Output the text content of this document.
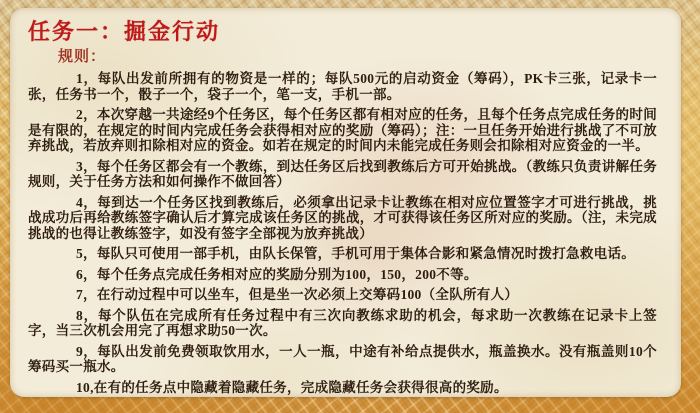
任务一：掘金行动
规则：

1，每队出发前所拥有的物资是一样的；每队500元的启动资金（筹码），PK卡三张，记录卡一张，任务书一个，骰子一个，袋子一个，笔一支，手机一部。

2，本次穿越一共途经9个任务区，每个任务区都有相对应的任务，且每个任务点完成任务的时间是有限的，在规定的时间内完成任务会获得相对应的奖励（筹码）；注：一旦任务开始进行挑战了不可放弃挑战，若放弃则扣除相对应的资金。如若在规定的时间内未能完成任务则会扣除相对应资金的一半。

3，每个任务区都会有一个教练，到达任务区后找到教练后方可开始挑战。（教练只负责讲解任务规则，关于任务方法和如何操作不做回答）

4，每到达一个任务区找到教练后，必须拿出记录卡让教练在相对应位置签字才可进行挑战，挑战成功后再给教练签字确认后才算完成该任务区的挑战，才可获得该任务区所对应的奖励。（注，未完成挑战的也得让教练签字，如没有签字全部视为放弃挑战）

5，每队只可使用一部手机，由队长保管，手机可用于集体合影和紧急情况时拨打急救电话。

6，每个任务点完成任务相对应的奖励分别为100，150，200不等。

7，在行动过程中可以坐车，但是坐一次必须上交筹码100（全队所有人）

8，每个队伍在完成所有任务过程中有三次向教练求助的机会，每求助一次教练在记录卡上签字，当三次机会用完了再想求助50一次。

9，每队出发前免费领取饮用水，一人一瓶，中途有补给点提供水，瓶盖换水。没有瓶盖则10个筹码买一瓶水。

10,在有的任务点中隐藏着隐藏任务，完成隐藏任务会获得很高的奖励。
